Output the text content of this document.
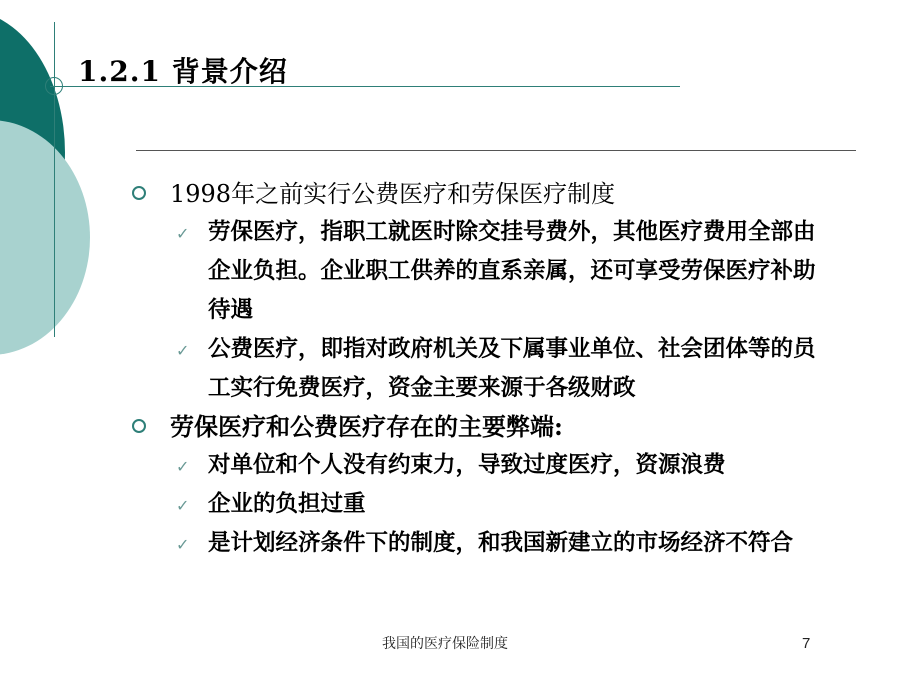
1.2.1 背景介绍
1998年之前实行公费医疗和劳保医疗制度
✓ 劳保医疗，指职工就医时除交挂号费外，其他医疗费用全部由企业负担。企业职工供养的直系亲属，还可享受劳保医疗补助待遇
✓ 公费医疗，即指对政府机关及下属事业单位、社会团体等的员工实行免费医疗，资金主要来源于各级财政
劳保医疗和公费医疗存在的主要弊端:
✓ 对单位和个人没有约束力，导致过度医疗，资源浪费
✓ 企业的负担过重
✓ 是计划经济条件下的制度，和我国新建立的市场经济不符合
我国的医疗保险制度	7
